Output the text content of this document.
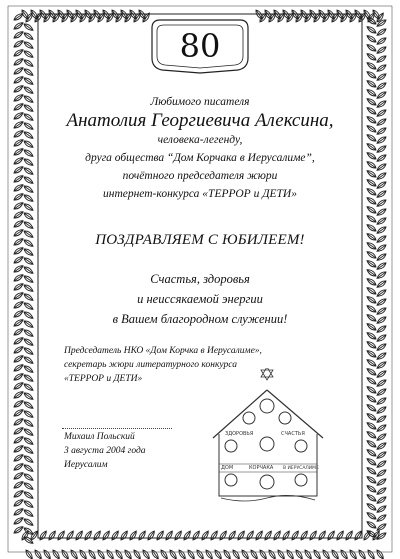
80
Любимого писателя
Анатолия Георгиевича Алексина,
человека-легенду,
друга общества “Дом Корчака в Иерусалиме”,
почётного председателя жюри
интернет-конкурса «ТЕРРОР и ДЕТИ»
ПОЗДРАВЛЯЕМ С ЮБИЛЕЕМ!
Счастья, здоровья
и неиссякаемой энергии
в Вашем благородном служении!
Председатель НКО «Дом Корчка в Иерусалиме»,
секретарь жюри литературного конкурса
«ТЕРРОР и ДЕТИ»
Михаил Польский
3 августа 2004 года
Иерусалим
ЗДОРОВЬЯ	СЧАСТЬЯ
ДОМ	КОРЧАКА В ИЕРУСАЛИМЕ
